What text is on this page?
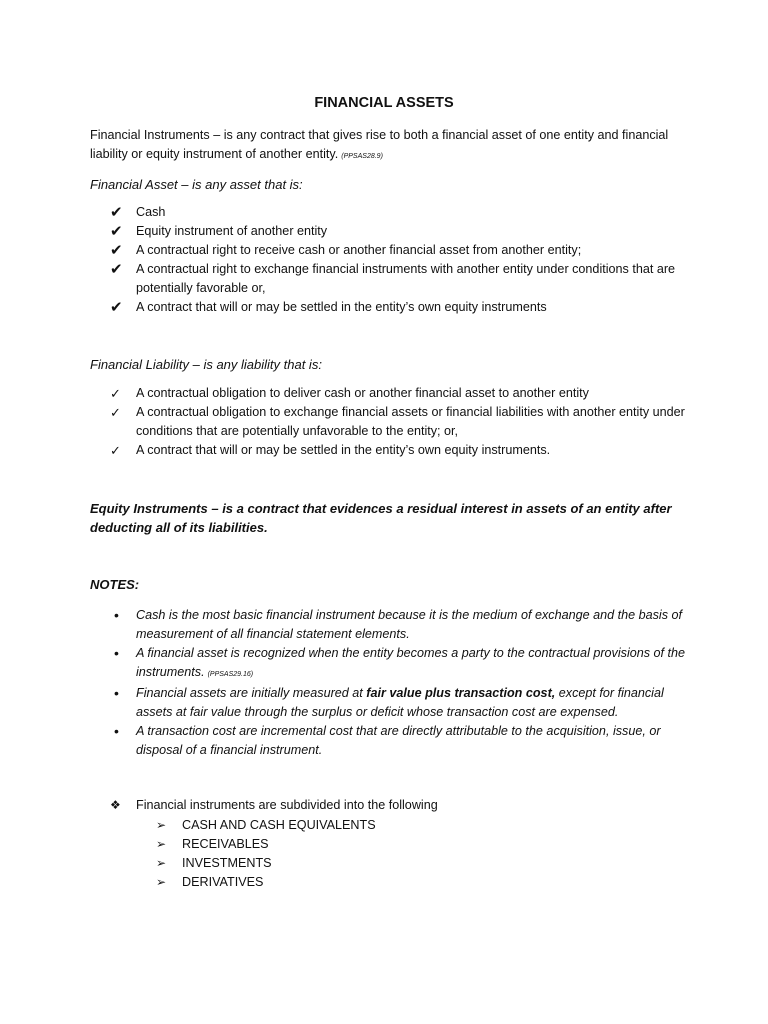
FINANCIAL ASSETS
Financial Instruments – is any contract that gives rise to both a financial asset of one entity and financial liability or equity instrument of another entity. (PPSAS28.9)
Financial Asset – is any asset that is:
✔	Cash
✔	Equity instrument of another entity
✔	A contractual right to receive cash or another financial asset from another entity;
✔	A contractual right to exchange financial instruments with another entity under conditions that are potentially favorable or,
✔	A contract that will or may be settled in the entity’s own equity instruments
Financial Liability – is any liability that is:
✓	A contractual obligation to deliver cash or another financial asset to another entity
✓	A contractual obligation to exchange financial assets or financial liabilities with another entity under conditions that are potentially unfavorable to the entity; or,
✓	A contract that will or may be settled in the entity’s own equity instruments.
Equity Instruments – is a contract that evidences a residual interest in assets of an entity after deducting all of its liabilities.
NOTES:
•	Cash is the most basic financial instrument because it is the medium of exchange and the basis of measurement of all financial statement elements.
•	A financial asset is recognized when the entity becomes a party to the contractual provisions of the instruments. (PPSAS29.16)
•	Financial assets are initially measured at fair value plus transaction cost, except for financial assets at fair value through the surplus or deficit whose transaction cost are expensed.
•	A transaction cost are incremental cost that are directly attributable to the acquisition, issue, or disposal of a financial instrument.
❖	Financial instruments are subdivided into the following
➢	CASH AND CASH EQUIVALENTS
➢	RECEIVABLES
➢	INVESTMENTS
➢	DERIVATIVES
